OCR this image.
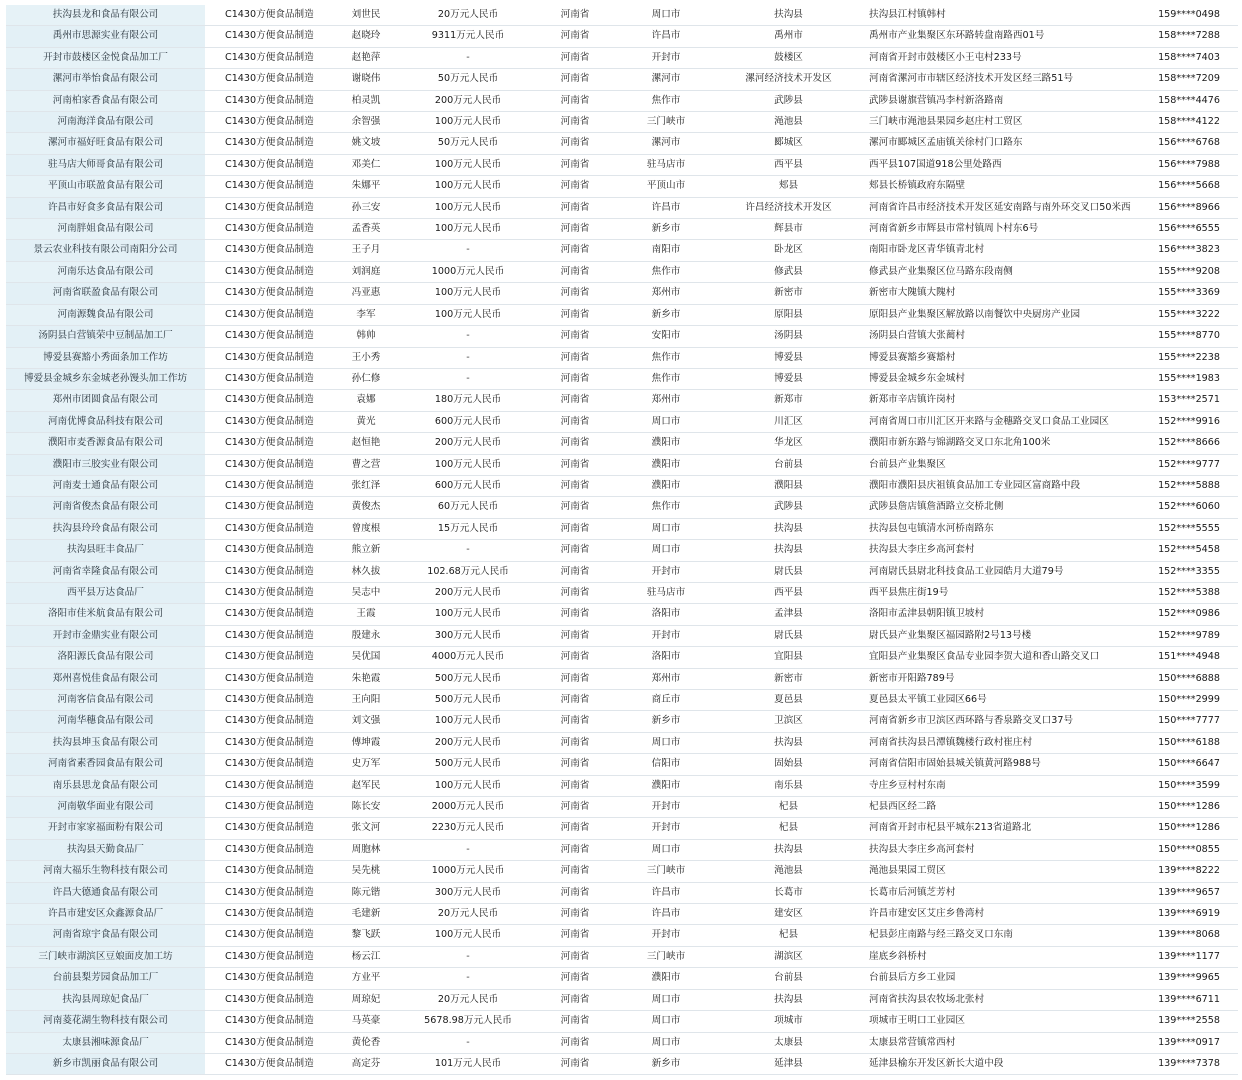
扶沟县龙和食品有限公司	C1430方便食品制造	刘世民	20万元人民币	河南省	周口市	扶沟县	扶沟县江村镇韩村	159****0498
禹州市思源实业有限公司	C1430方便食品制造	赵晓玲	9311万元人民币	河南省	许昌市	禹州市	禹州市产业集聚区东环路转盘南路西01号	158****7288
开封市鼓楼区金悦食品加工厂	C1430方便食品制造	赵艳萍	-	河南省	开封市	鼓楼区	河南省开封市鼓楼区小王屯村233号	158****7403
漯河市举怡食品有限公司	C1430方便食品制造	谢晓伟	50万元人民币	河南省	漯河市	漯河经济技术开发区	河南省漯河市市辖区经济技术开发区经三路51号	158****7209
河南柏家香食品有限公司	C1430方便食品制造	柏灵凯	200万元人民币	河南省	焦作市	武陟县	武陟县谢旗营镇冯李村新洛路南	158****4476
河南海洋食品有限公司	C1430方便食品制造	余智强	100万元人民币	河南省	三门峡市	渑池县	三门峡市渑池县果园乡赵庄村工贸区	158****4122
漯河市福好旺食品有限公司	C1430方便食品制造	姚文坡	50万元人民币	河南省	漯河市	郾城区	漯河市郾城区孟庙镇关徐村门口路东	156****6768
驻马店大师哥食品有限公司	C1430方便食品制造	邓美仁	100万元人民币	河南省	驻马店市	西平县	西平县107国道918公里处路西	156****7988
平顶山市联盈食品有限公司	C1430方便食品制造	朱娜平	100万元人民币	河南省	平顶山市	郏县	郏县长桥镇政府东隔壁	156****5668
许昌市好食多食品有限公司	C1430方便食品制造	孙三安	100万元人民币	河南省	许昌市	许昌经济技术开发区	河南省许昌市经济技术开发区延安南路与南外环交叉口50米西	156****8966
河南胖姐食品有限公司	C1430方便食品制造	孟香英	100万元人民币	河南省	新乡市	辉县市	河南省新乡市辉县市常村镇周卜村东6号	156****6555
景云农业科技有限公司南阳分公司	C1430方便食品制造	王子月	-	河南省	南阳市	卧龙区	南阳市卧龙区青华镇青北村	156****3823
河南乐达食品有限公司	C1430方便食品制造	刘润庭	1000万元人民币	河南省	焦作市	修武县	修武县产业集聚区位马路东段南侧	155****9208
河南省联盈食品有限公司	C1430方便食品制造	冯亚惠	100万元人民币	河南省	郑州市	新密市	新密市大隗镇大隗村	155****3369
河南源魏食品有限公司	C1430方便食品制造	李军	100万元人民币	河南省	新乡市	原阳县	原阳县产业集聚区解放路以南餐饮中央厨房产业园	155****3222
汤阴县白营镇荣中豆制品加工厂	C1430方便食品制造	韩帅	-	河南省	安阳市	汤阴县	汤阴县白营镇大张蔺村	155****8770
博爱县赛豁小秀面条加工作坊	C1430方便食品制造	王小秀	-	河南省	焦作市	博爱县	博爱县赛豁乡赛豁村	155****2238
博爱县金城乡东金城老孙馒头加工作坊	C1430方便食品制造	孙仁修	-	河南省	焦作市	博爱县	博爱县金城乡东金城村	155****1983
郑州市团圆食品有限公司	C1430方便食品制造	袁娜	180万元人民币	河南省	郑州市	新郑市	新郑市辛店镇许岗村	153****2571
河南优博食品科技有限公司	C1430方便食品制造	黄光	600万元人民币	河南省	周口市	川汇区	河南省周口市川汇区开来路与金穗路交叉口食品工业园区	152****9916
濮阳市麦香源食品有限公司	C1430方便食品制造	赵恒艳	200万元人民币	河南省	濮阳市	华龙区	濮阳市新东路与锦湖路交叉口东北角100米	152****8666
濮阳市三胶实业有限公司	C1430方便食品制造	曹之营	100万元人民币	河南省	濮阳市	台前县	台前县产业集聚区	152****9777
河南麦士通食品有限公司	C1430方便食品制造	张红泽	600万元人民币	河南省	濮阳市	濮阳县	濮阳市濮阳县庆祖镇食品加工专业园区富商路中段	152****5888
河南省俊杰食品有限公司	C1430方便食品制造	黄俊杰	60万元人民币	河南省	焦作市	武陟县	武陟县詹店镇詹酒路立交桥北侧	152****6060
扶沟县玲玲食品有限公司	C1430方便食品制造	曾度根	15万元人民币	河南省	周口市	扶沟县	扶沟县包屯镇清水河桥南路东	152****5555
扶沟县旺丰食品厂	C1430方便食品制造	熊立新	-	河南省	周口市	扶沟县	扶沟县大李庄乡高河套村	152****5458
河南省幸隆食品有限公司	C1430方便食品制造	林久拔	102.68万元人民币	河南省	开封市	尉氏县	河南尉氏县尉北科技食品工业园皓月大道79号	152****3355
西平县万达食品厂	C1430方便食品制造	吴志中	200万元人民币	河南省	驻马店市	西平县	西平县焦庄街19号	152****5388
洛阳市佳米航食品有限公司	C1430方便食品制造	王霞	100万元人民币	河南省	洛阳市	孟津县	洛阳市孟津县朝阳镇卫坡村	152****0986
开封市金鼎实业有限公司	C1430方便食品制造	殷建永	300万元人民币	河南省	开封市	尉氏县	尉氏县产业集聚区福园路附2号13号楼	152****9789
洛阳源氏食品有限公司	C1430方便食品制造	吴优国	4000万元人民币	河南省	洛阳市	宜阳县	宜阳县产业集聚区食品专业园李贺大道和香山路交叉口	151****4948
郑州喜悦佳食品有限公司	C1430方便食品制造	朱艳霞	500万元人民币	河南省	郑州市	新密市	新密市开阳路789号	150****6888
河南客信食品有限公司	C1430方便食品制造	王向阳	500万元人民币	河南省	商丘市	夏邑县	夏邑县太平镇工业园区66号	150****2999
河南华穗食品有限公司	C1430方便食品制造	刘文强	100万元人民币	河南省	新乡市	卫滨区	河南省新乡市卫滨区西环路与香泉路交叉口37号	150****7777
扶沟县坤玉食品有限公司	C1430方便食品制造	傅坤霞	200万元人民币	河南省	周口市	扶沟县	河南省扶沟县吕潭镇魏楼行政村崔庄村	150****6188
河南省素香园食品有限公司	C1430方便食品制造	史万军	500万元人民币	河南省	信阳市	固始县	河南省信阳市固始县城关镇黄河路988号	150****6647
南乐县思龙食品有限公司	C1430方便食品制造	赵军民	100万元人民币	河南省	濮阳市	南乐县	寺庄乡豆村村东南	150****3599
河南敬华面业有限公司	C1430方便食品制造	陈长安	2000万元人民币	河南省	开封市	杞县	杞县西区经二路	150****1286
开封市家家福面粉有限公司	C1430方便食品制造	张文河	2230万元人民币	河南省	开封市	杞县	河南省开封市杞县平城东213省道路北	150****1286
扶沟县天勤食品厂	C1430方便食品制造	周胞林	-	河南省	周口市	扶沟县	扶沟县大李庄乡高河套村	150****0855
河南大福乐生物科技有限公司	C1430方便食品制造	吴先桃	1000万元人民币	河南省	三门峡市	渑池县	渑池县果园工贸区	139****8222
许昌大德通食品有限公司	C1430方便食品制造	陈元锴	300万元人民币	河南省	许昌市	长葛市	长葛市后河镇芝芳村	139****9657
许昌市建安区众鑫源食品厂	C1430方便食品制造	毛建新	20万元人民币	河南省	许昌市	建安区	许昌市建安区艾庄乡鲁湾村	139****6919
河南省琼宇食品有限公司	C1430方便食品制造	黎飞跃	100万元人民币	河南省	开封市	杞县	杞县彭庄南路与经三路交叉口东南	139****8068
三门峡市湖滨区豆娘面皮加工坊	C1430方便食品制造	杨云江	-	河南省	三门峡市	湖滨区	崖底乡斜桥村	139****1177
台前县梨芳园食品加工厂	C1430方便食品制造	方业平	-	河南省	濮阳市	台前县	台前县后方乡工业园	139****9965
扶沟县周琼妃食品厂	C1430方便食品制造	周琼妃	20万元人民币	河南省	周口市	扶沟县	河南省扶沟县农牧场北张村	139****6711
河南菱花湖生物科技有限公司	C1430方便食品制造	马英豪	5678.98万元人民币	河南省	周口市	项城市	项城市王明口工业园区	139****2558
太康县湘味源食品厂	C1430方便食品制造	黄伦香	-	河南省	周口市	太康县	太康县常营镇常西村	139****0917
新乡市凯丽食品有限公司	C1430方便食品制造	高定芬	101万元人民币	河南省	新乡市	延津县	延津县榆东开发区新长大道中段	139****7378
